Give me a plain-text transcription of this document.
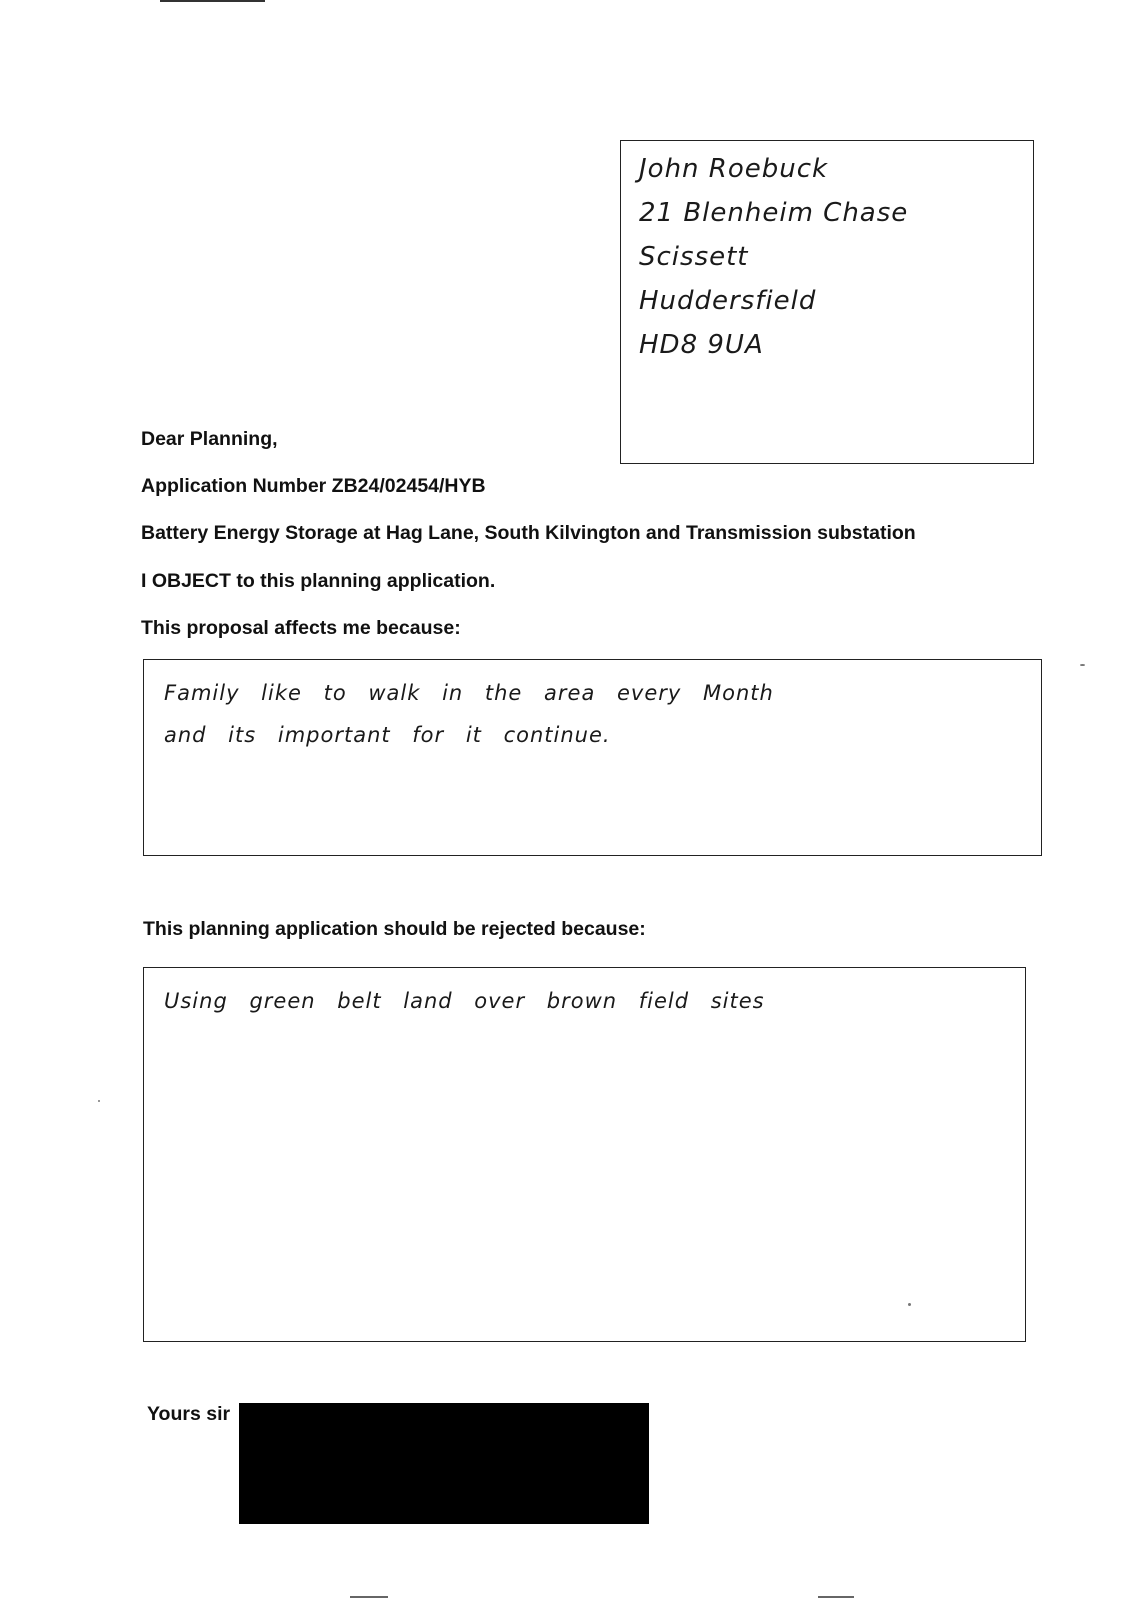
John Roebuck
21 Blenheim Chase
Scissett
Huddersfield
HD8 9UA
Dear Planning,
Application Number ZB24/02454/HYB
Battery Energy Storage at Hag Lane, South Kilvington and Transmission substation
I OBJECT to this planning application.
This proposal affects me because:
Family like to walk in the area every Month
and its important for it continue.
This planning application should be rejected because:
Using green belt land over brown field sites
Yours sir
